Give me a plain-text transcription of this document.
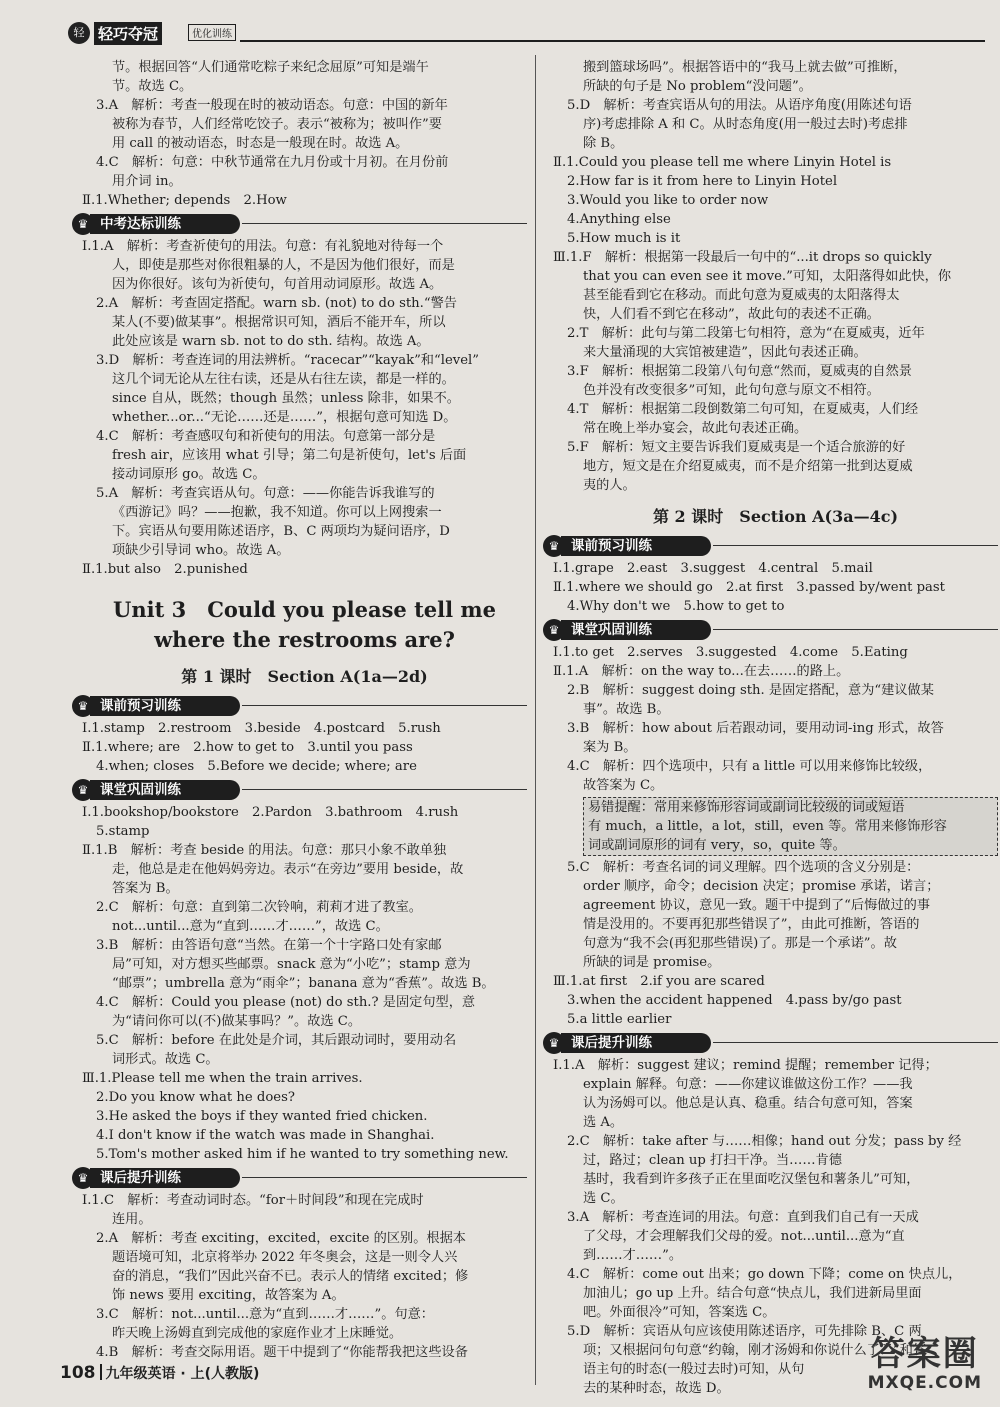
轻 轻巧夺冠	优化训练
节。根据回答“人们通常吃粽子来纪念屈原”可知是端午
节。故选 C。
3.A　解析：考查一般现在时的被动语态。句意：中国的新年
被称为春节，人们经常吃饺子。表示“被称为；被叫作”要
用 call 的被动语态，时态是一般现在时。故选 A。
4.C　解析：句意：中秋节通常在九月份或十月初。在月份前
用介词 in。
Ⅱ.1.Whether; depends　2.How
中考达标训练
♛
Ⅰ.1.A　解析：考查祈使句的用法。句意：有礼貌地对待每一个
人，即使是那些对你很粗暴的人，不是因为他们很好，而是
因为你很好。该句为祈使句，句首用动词原形。故选 A。
2.A　解析：考查固定搭配。warn sb. (not) to do sth.“警告
某人(不要)做某事”。根据常识可知，酒后不能开车，所以
此处应该是 warn sb. not to do sth. 结构。故选 A。
3.D　解析：考查连词的用法辨析。“racecar”“kayak”和“level”
这几个词无论从左往右读，还是从右往左读，都是一样的。
since 自从，既然；though 虽然；unless 除非，如果不。
whether...or...“无论……还是……”，根据句意可知选 D。
4.C　解析：考查感叹句和祈使句的用法。句意第一部分是
fresh air，应该用 what 引导；第二句是祈使句，let's 后面
接动词原形 go。故选 C。
5.A　解析：考查宾语从句。句意：——你能告诉我谁写的
《西游记》吗？——抱歉，我不知道。你可以上网搜索一
下。宾语从句要用陈述语序，B、C 两项均为疑问语序，D
项缺少引导词 who。故选 A。
Ⅱ.1.but also　2.punished
Unit 3　Could you please tell me
where the restrooms are?
第 1 课时　Section A(1a—2d)
课前预习训练
♛
Ⅰ.1.stamp　2.restroom　3.beside　4.postcard　5.rush
Ⅱ.1.where; are　2.how to get to　3.until you pass
4.when; closes　5.Before we decide; where; are
课堂巩固训练
♛
Ⅰ.1.bookshop/bookstore　2.Pardon　3.bathroom　4.rush
5.stamp
Ⅱ.1.B　解析：考查 beside 的用法。句意：那只小象不敢单独
走，他总是走在他妈妈旁边。表示“在旁边”要用 beside，故
答案为 B。
2.C　解析：句意：直到第二次铃响，莉莉才进了教室。
not...until...意为“直到……才……”，故选 C。
3.B　解析：由答语句意“当然。在第一个十字路口处有家邮
局”可知，对方想买些邮票。snack 意为“小吃”；stamp 意为
“邮票”；umbrella 意为“雨伞”；banana 意为“香蕉”。故选 B。
4.C　解析：Could you please (not) do sth.? 是固定句型，意
为“请问你可以(不)做某事吗？”。故选 C。
5.C　解析：before 在此处是介词，其后跟动词时，要用动名
词形式。故选 C。
Ⅲ.1.Please tell me when the train arrives.
2.Do you know what he does?
3.He asked the boys if they wanted fried chicken.
4.I don't know if the watch was made in Shanghai.
5.Tom's mother asked him if he wanted to try something new.
课后提升训练
♛
Ⅰ.1.C　解析：考查动词时态。“for＋时间段”和现在完成时
连用。
2.A　解析：考查 exciting，excited，excite 的区别。根据本
题语境可知，北京将举办 2022 年冬奥会，这是一则令人兴
奋的消息，“我们”因此兴奋不已。表示人的情绪 excited；修
饰 news 要用 exciting，故答案为 A。
3.C　解析：not...until...意为“直到……才……”。句意：
昨天晚上汤姆直到完成他的家庭作业才上床睡觉。
4.B　解析：考查交际用语。题干中提到了“你能帮我把这些设备
搬到篮球场吗”。根据答语中的“我马上就去做”可推断，
所缺的句子是 No problem“没问题”。
5.D　解析：考查宾语从句的用法。从语序角度(用陈述句语
序)考虑排除 A 和 C。从时态角度(用一般过去时)考虑排
除 B。
Ⅱ.1.Could you please tell me where Linyin Hotel is
2.How far is it from here to Linyin Hotel
3.Would you like to order now
4.Anything else
5.How much is it
Ⅲ.1.F　解析：根据第一段最后一句中的“...it drops so quickly
that you can even see it move.”可知，太阳落得如此快，你
甚至能看到它在移动。而此句意为夏威夷的太阳落得太
快，人们看不到它在移动”，故此句的表述不正确。
2.T　解析：此句与第二段第七句相符，意为“在夏威夷，近年
来大量涌现的大宾馆被建造”，因此句表述正确。
3.F　解析：根据第二段第八句句意“然而，夏威夷的自然景
色并没有改变很多”可知，此句句意与原文不相符。
4.T　解析：根据第二段倒数第二句可知，在夏威夷，人们经
常在晚上举办宴会，故此句表述正确。
5.F　解析：短文主要告诉我们夏威夷是一个适合旅游的好
地方，短文是在介绍夏威夷，而不是介绍第一批到达夏威
夷的人。
第 2 课时　Section A(3a—4c)
课前预习训练
♛
Ⅰ.1.grape　2.east　3.suggest　4.central　5.mail
Ⅱ.1.where we should go　2.at first　3.passed by/went past
4.Why don't we　5.how to get to
课堂巩固训练
♛
Ⅰ.1.to get　2.serves　3.suggested　4.come　5.Eating
Ⅱ.1.A　解析：on the way to...在去……的路上。
2.B　解析：suggest doing sth. 是固定搭配，意为“建议做某
事”。故选 B。
3.B　解析：how about 后若跟动词，要用动词-ing 形式，故答
案为 B。
4.C　解析：四个选项中，只有 a little 可以用来修饰比较级，
故答案为 C。
易错提醒：常用来修饰形容词或副词比较级的词或短语
有 much，a little，a lot，still，even 等。常用来修饰形容
词或副词原形的词有 very，so，quite 等。
5.C　解析：考查名词的词义理解。四个选项的含义分别是：
order 顺序，命令；decision 决定；promise 承诺，诺言；
agreement 协议，意见一致。题干中提到了“后悔做过的事
情是没用的。不要再犯那些错误了”，由此可推断，答语的
句意为“我不会(再犯那些错误)了。那是一个承诺”。故
所缺的词是 promise。
Ⅲ.1.at first　2.if you are scared
3.when the accident happened　4.pass by/go past
5.a little earlier
课后提升训练
♛
Ⅰ.1.A　解析：suggest 建议；remind 提醒；remember 记得；
explain 解释。句意：——你建议谁做这份工作？——我
认为汤姆可以。他总是认真、稳重。结合句意可知，答案
选 A。
2.C　解析：take after 与……相像；hand out 分发；pass by 经
过，路过；clean up 打扫干净。当……肯德
基时，我看到许多孩子正在里面吃汉堡包和薯条儿”可知，
选 C。
3.A　解析：考查连词的用法。句意：直到我们自己有一天成
了父母，才会理解我们父母的爱。not...until...意为“直
到……才……”。
4.C　解析：come out 出来；go down 下降；come on 快点儿，
加油儿；go up 上升。结合句意“快点儿，我们进新局里面
吧。外面很冷”可知，答案选 C。
5.D　解析：宾语从句应该使用陈述语序，可先排除 B、C 两
项；又根据问句句意“约翰，刚才汤姆和你说什么了？”和答
语主句的时态(一般过去时)可知，从句
去的某种时态，故选 D。
108 九年级英语 · 上(人教版)	答案圈
MXQE.COM
